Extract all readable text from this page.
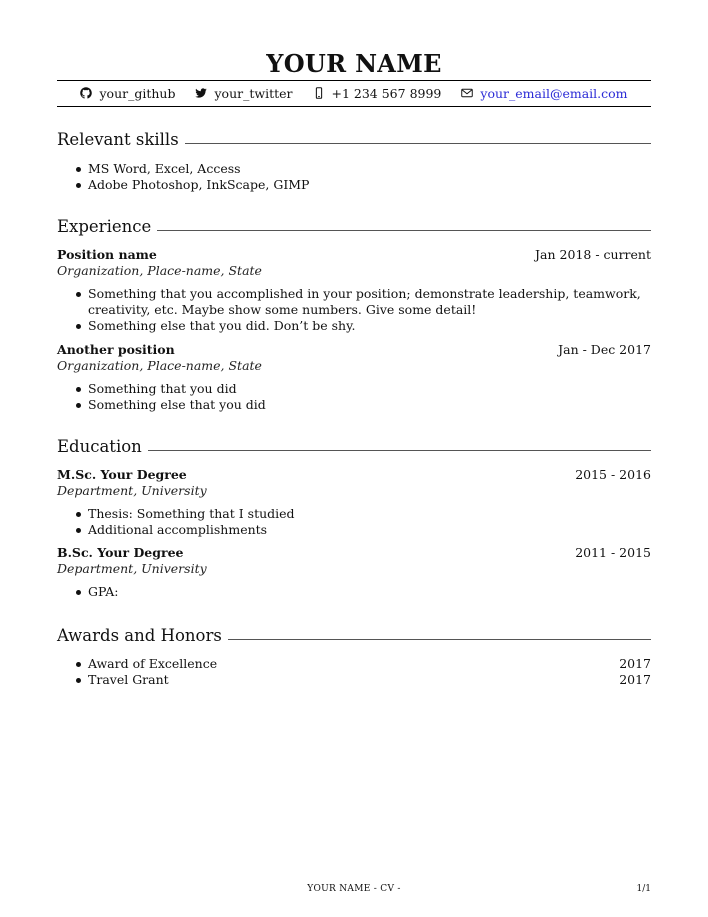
YOUR NAME
your_github	your_twitter	+1 234 567 8999	your_email@email.com
Relevant skills
MS Word, Excel, Access
Adobe Photoshop, InkScape, GIMP
Experience
Position name	Jan 2018 - current
Organization, Place-name, State
Something that you accomplished in your position; demonstrate leadership, teamwork, creativity, etc. Maybe show some numbers. Give some detail!
Something else that you did. Don’t be shy.
Another position	Jan - Dec 2017
Organization, Place-name, State
Something that you did
Something else that you did
Education
M.Sc. Your Degree	2015 - 2016
Department, University
Thesis: Something that I studied
Additional accomplishments
B.Sc. Your Degree	2011 - 2015
Department, University
GPA:
Awards and Honors
Award of Excellence	2017
Travel Grant	2017
YOUR NAME - CV -	1/1
